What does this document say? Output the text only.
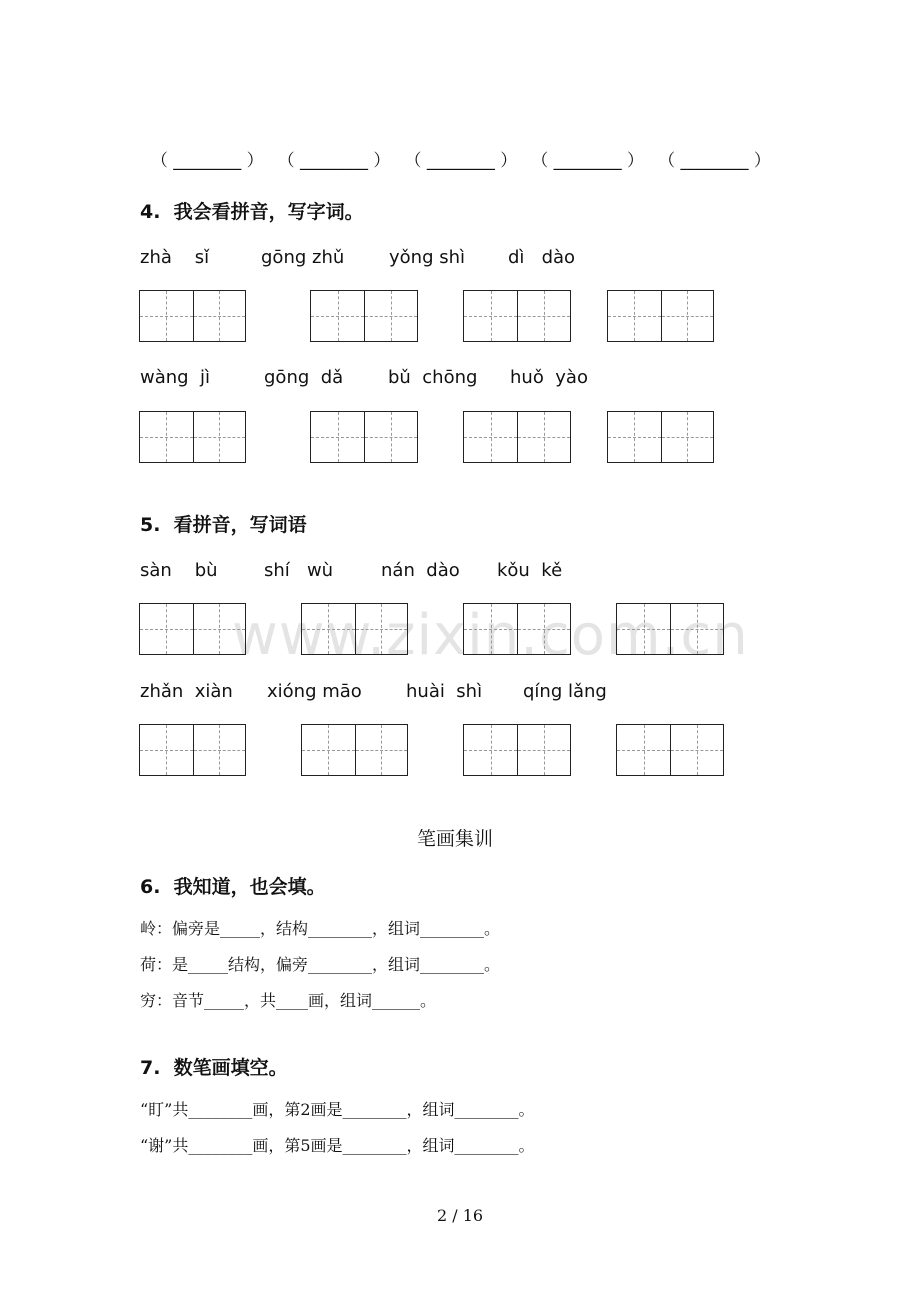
（ ________ ） （ ________ ） （ ________ ） （ ________ ） （ ________ ）

4.  我会看拼音，写字词。
zhà    sǐ	gōng zhǔ yǒng shì dì   dào
wàng  jì	gōng  dǎ bǔ  chōng huǒ  yào
5.  看拼音，写词语
sàn    bù	shí   wù	nán  dào kǒu  kě
www.zixin.com.cn
zhǎn  xiàn xióng māo huài  shì qíng lǎng
笔画集训
6.  我知道，也会填。
岭：偏旁是_____，结构________，组词________。
荷：是_____结构，偏旁________，组词________。
穷：音节_____，共____画，组词______。
7.  数笔画填空。
“盯”共________画，第2画是________，组词________。
“谢”共________画，第5画是________，组词________。
2 / 16
